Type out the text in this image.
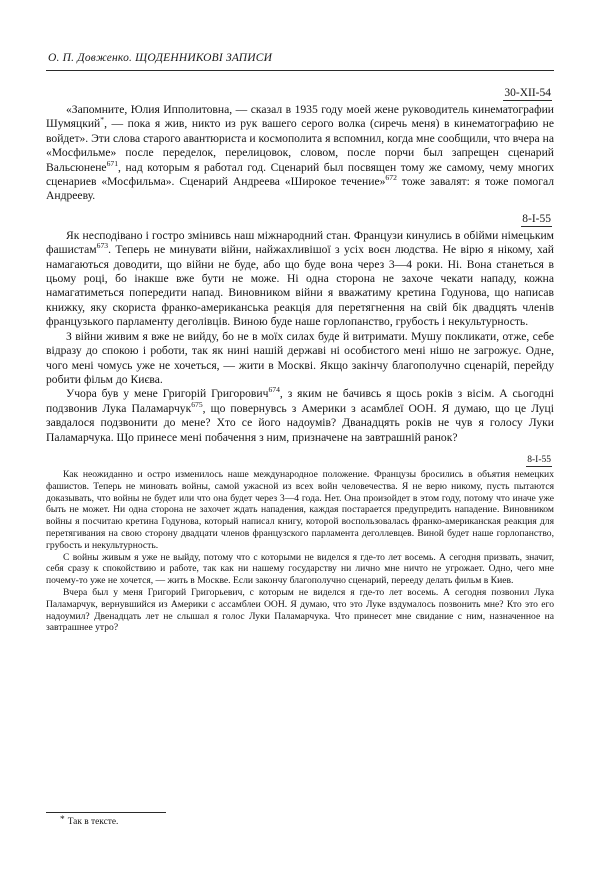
О. П. Довженко. ЩОДЕННИКОВІ ЗАПИСИ
30-XII-54

«Запомните, Юлия Ипполитовна, — сказал в 1935 году моей жене руководитель кинематографии Шумяцкий*, — пока я жив, никто из рук вашего серого волка (сиречь меня) в кинематографию не войдет». Эти слова старого авантюриста и космополита я вспомнил, когда мне сообщили, что вчера на «Мосфильме» после переделок, перелицовок, словом, после порчи был запрещен сценарий Вальсюнене$^{671}$, над которым я работал год. Сценарий был посвящен тому же самому, чему многих сценариев «Мосфильма». Сценарий Андреева «Широкое течение»$^{672}$ тоже завалят: я тоже помогал Андрееву.

8-I-55

Як несподівано і гостро змінивсь наш міжнародний стан. Французи кинулись в обійми німецьким фашистам$^{673}$. Теперь не минувати війни, найжахливішої з усіх воєн людства. Не вірю я нікому, хай намагаються доводити, що війни не буде, або що буде вона через 3—4 роки. Ні. Вона станеться в цьому році, бо інакше вже бути не може. Ні одна сторона не захоче чекати нападу, кожна намагатиметься попередити напад. Виновником війни я вважатиму кретина Годунова, що написав книжку, яку скориста франко-американська реакція для перетягнення на свій бік двадцять членів французького парламенту деголівців. Виною буде наше горлопанство, грубость і некультурность.

З війни живим я вже не вийду, бо не в моїх силах буде й витримати. Мушу покликати, отже, себе відразу до спокою і роботи, так як нині нашій державі ні особистого мені нішо не загрожує. Одне, чого мені чомусь уже не хочеться, — жити в Москві. Якщо закінчу благополучно сценарій, перейду робити фільм до Києва.

Учора був у мене Григорій Григорович$^{674}$, з яким не бачивсь я щось років з вісім. А сьогодні подзвонив Лука Паламарчук$^{675}$, що повернувсь з Америки з асамблеї ООН. Я думаю, що це Луці завдалося подзвонити до мене? Хто се його надоумів? Дванадцять років не чув я голосу Луки Паламарчука. Що принесе мені побачення з ним, призначене на завтрашній ранок?

8-I-55

Как неожиданно и остро изменилось наше международное положение. Французы бросились в объятия немецких фашистов. Теперь не миновать войны, самой ужасной из всех войн человечества. Я не верю никому, пусть пытаются доказывать, что войны не будет или что она будет через 3—4 года. Нет. Она произойдет в этом году, потому что иначе уже быть не может. Ни одна сторона не захочет ждать нападения, каждая постарается предупредить нападение. Виновником войны я посчитаю кретина Годунова, который написал книгу, которой воспользовалась франко-американская реакция для перетягивания на свою сторону двадцати членов французского парламента деголлевцев. Виной будет наше горлопанство, грубость и некультурность.

С войны живым я уже не выйду, потому что с которыми не виделся я где-то лет восемь. А сегодня призвать, значит, себя сразу к спокойствию и работе, так как ни нашему государству ни лично мне ничто не угрожает. Одно, чего мне почему-то уже не хочется, — жить в Москве. Если закончу благополучно сценарий, перееду делать фильм в Киев.

Вчера был у меня Григорий Григорьевич, с которым не виделся я где-то лет восемь. А сегодня позвонил Лука Паламарчук, вернувшийся из Америки с ассамблеи ООН. Я думаю, что это Луке вздумалось позвонить мне? Кто это его надоумил? Двенадцать лет не слышал я голос Луки Паламарчука. Что принесет мне свидание с ним, назначенное на завтрашнее утро?

* Так в тексте.
